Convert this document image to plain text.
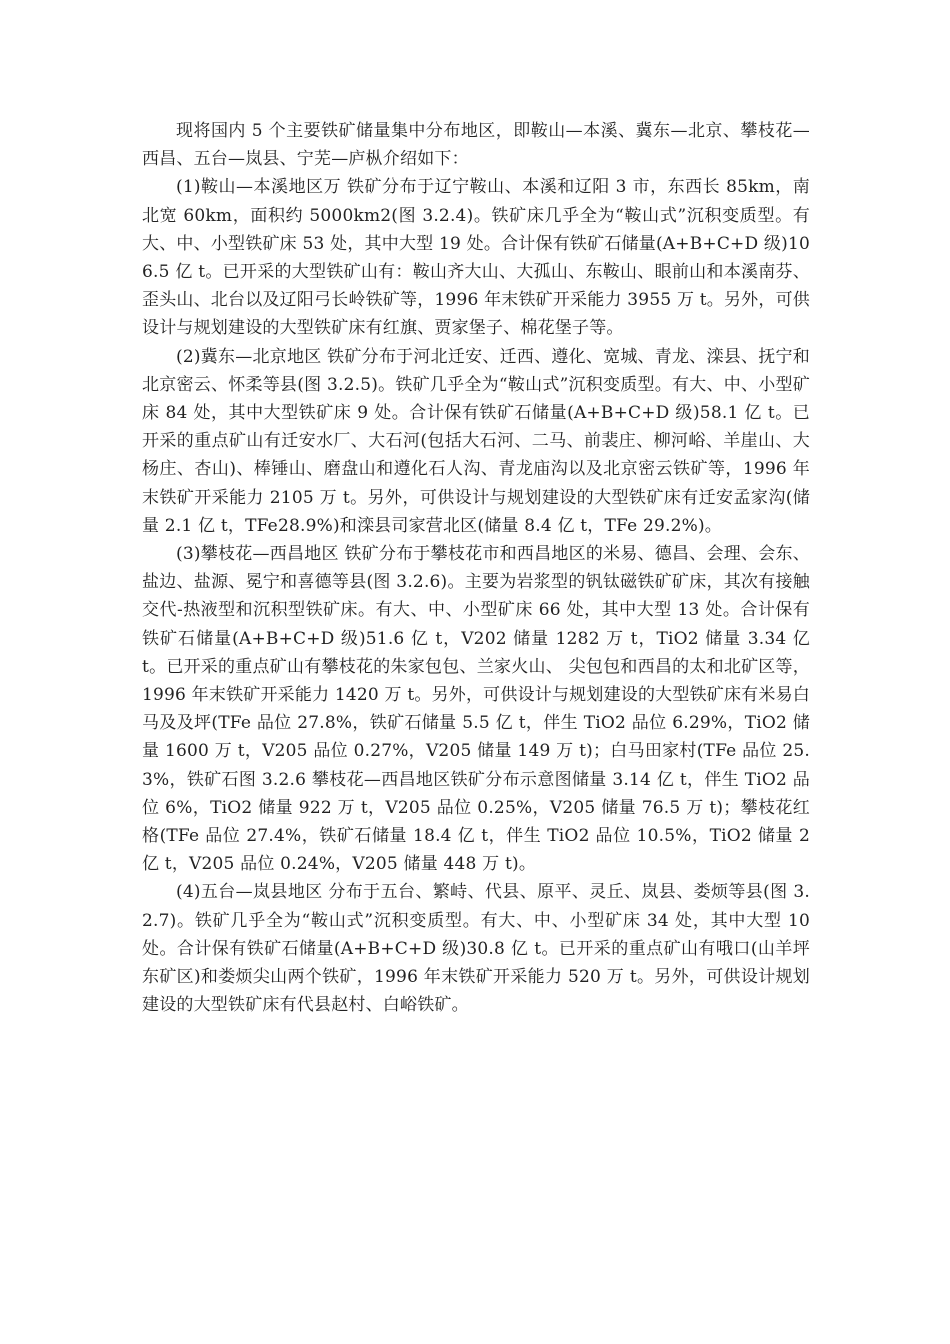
现将国内 5 个主要铁矿储量集中分布地区，即鞍山—本溪、冀东—北京、攀枝花—西昌、五台—岚县、宁芜—庐枞介绍如下：

(1)鞍山—本溪地区万 铁矿分布于辽宁鞍山、本溪和辽阳 3 市，东西长 85km，南北宽 60km，面积约 5000km2(图 3.2.4)。铁矿床几乎全为“鞍山式”沉积变质型。有大、中、小型铁矿床 53 处，其中大型 19 处。合计保有铁矿石储量(A+B+C+D 级)106.5 亿 t。已开采的大型铁矿山有：鞍山齐大山、大孤山、东鞍山、眼前山和本溪南芬、歪头山、北台以及辽阳弓长岭铁矿等，1996 年末铁矿开采能力 3955 万 t。另外，可供设计与规划建设的大型铁矿床有红旗、贾家堡子、棉花堡子等。

(2)冀东—北京地区 铁矿分布于河北迁安、迁西、遵化、宽城、青龙、滦县、抚宁和北京密云、怀柔等县(图 3.2.5)。铁矿几乎全为“鞍山式”沉积变质型。有大、中、小型矿床 84 处，其中大型铁矿床 9 处。合计保有铁矿石储量(A+B+C+D 级)58.1 亿 t。已开采的重点矿山有迁安水厂、大石河(包括大石河、二马、前裴庄、柳河峪、羊崖山、大杨庄、杏山)、棒锤山、磨盘山和遵化石人沟、青龙庙沟以及北京密云铁矿等，1996 年末铁矿开采能力 2105 万 t。另外，可供设计与规划建设的大型铁矿床有迁安孟家沟(储量 2.1 亿 t，TFe28.9%)和滦县司家营北区(储量 8.4 亿 t，TFe 29.2%)。

(3)攀枝花—西昌地区 铁矿分布于攀枝花市和西昌地区的米易、德昌、会理、会东、盐边、盐源、冕宁和喜德等县(图 3.2.6)。主要为岩浆型的钒钛磁铁矿矿床，其次有接触交代-热液型和沉积型铁矿床。有大、中、小型矿床 66 处，其中大型 13 处。合计保有铁矿石储量(A+B+C+D 级)51.6 亿 t，V202 储量 1282 万 t，TiO2 储量 3.34 亿 t。已开采的重点矿山有攀枝花的朱家包包、兰家火山、 尖包包和西昌的太和北矿区等，1996 年末铁矿开采能力 1420 万 t。另外，可供设计与规划建设的大型铁矿床有米易白马及及坪(TFe 品位 27.8%，铁矿石储量 5.5 亿 t，伴生 TiO2 品位 6.29%，TiO2 储量 1600 万 t，V205 品位 0.27%，V205 储量 149 万 t)；白马田家村(TFe 品位 25.3%，铁矿石图 3.2.6 攀枝花—西昌地区铁矿分布示意图储量 3.14 亿 t，伴生 TiO2 品位 6%，TiO2 储量 922 万 t，V205 品位 0.25%，V205 储量 76.5 万 t)；攀枝花红格(TFe 品位 27.4%，铁矿石储量 18.4 亿 t，伴生 TiO2 品位 10.5%，TiO2 储量 2 亿 t，V205 品位 0.24%，V205 储量 448 万 t)。

(4)五台—岚县地区 分布于五台、繁峙、代县、原平、灵丘、岚县、娄烦等县(图 3.2.7)。铁矿几乎全为“鞍山式”沉积变质型。有大、中、小型矿床 34 处，其中大型 10 处。合计保有铁矿石储量(A+B+C+D 级)30.8 亿 t。已开采的重点矿山有哦口(山羊坪东矿区)和娄烦尖山两个铁矿，1996 年末铁矿开采能力 520 万 t。另外，可供设计规划建设的大型铁矿床有代县赵村、白峪铁矿。
